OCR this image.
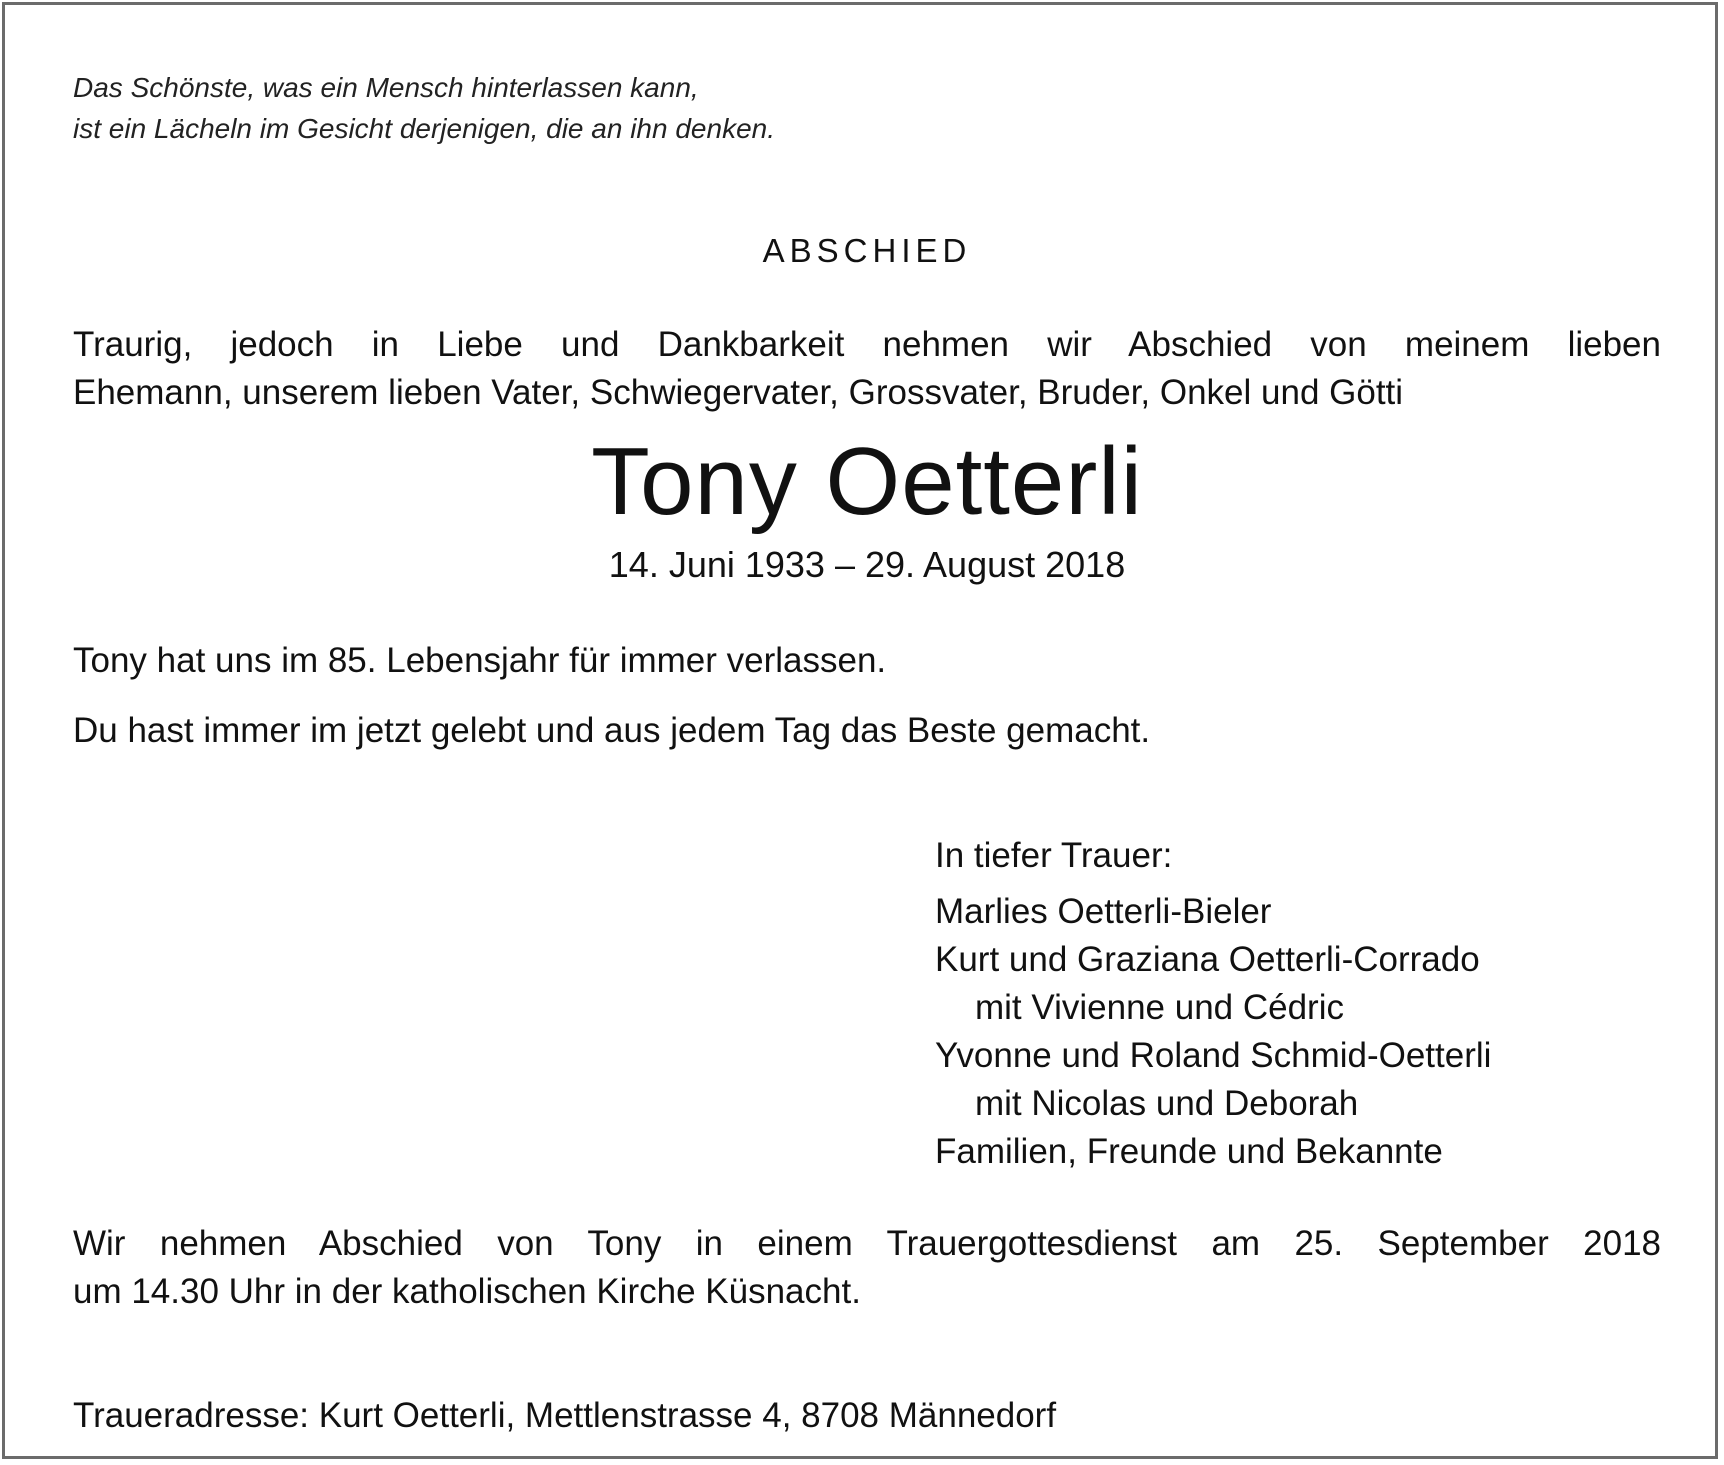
Das Schönste, was ein Mensch hinterlassen kann,
ist ein Lächeln im Gesicht derjenigen, die an ihn denken.

ABSCHIED
Traurig, jedoch in Liebe und Dankbarkeit nehmen wir Abschied von meinem lieben
Ehemann, unserem lieben Vater, Schwiegervater, Grossvater, Bruder, Onkel und Götti
Tony Oetterli
14. Juni 1933 – 29. August 2018

Tony hat uns im 85. Lebensjahr für immer verlassen.

Du hast immer im jetzt gelebt und aus jedem Tag das Beste gemacht.

In tiefer Trauer:
Marlies Oetterli-Bieler
Kurt und Graziana Oetterli-Corrado
mit Vivienne und Cédric
Yvonne und Roland Schmid-Oetterli
mit Nicolas und Deborah
Familien, Freunde und Bekannte
Wir nehmen Abschied von Tony in einem Trauergottesdienst am 25. September 2018
um 14.30 Uhr in der katholischen Kirche Küsnacht.
Traueradresse: Kurt Oetterli, Mettlenstrasse 4, 8708 Männedorf
